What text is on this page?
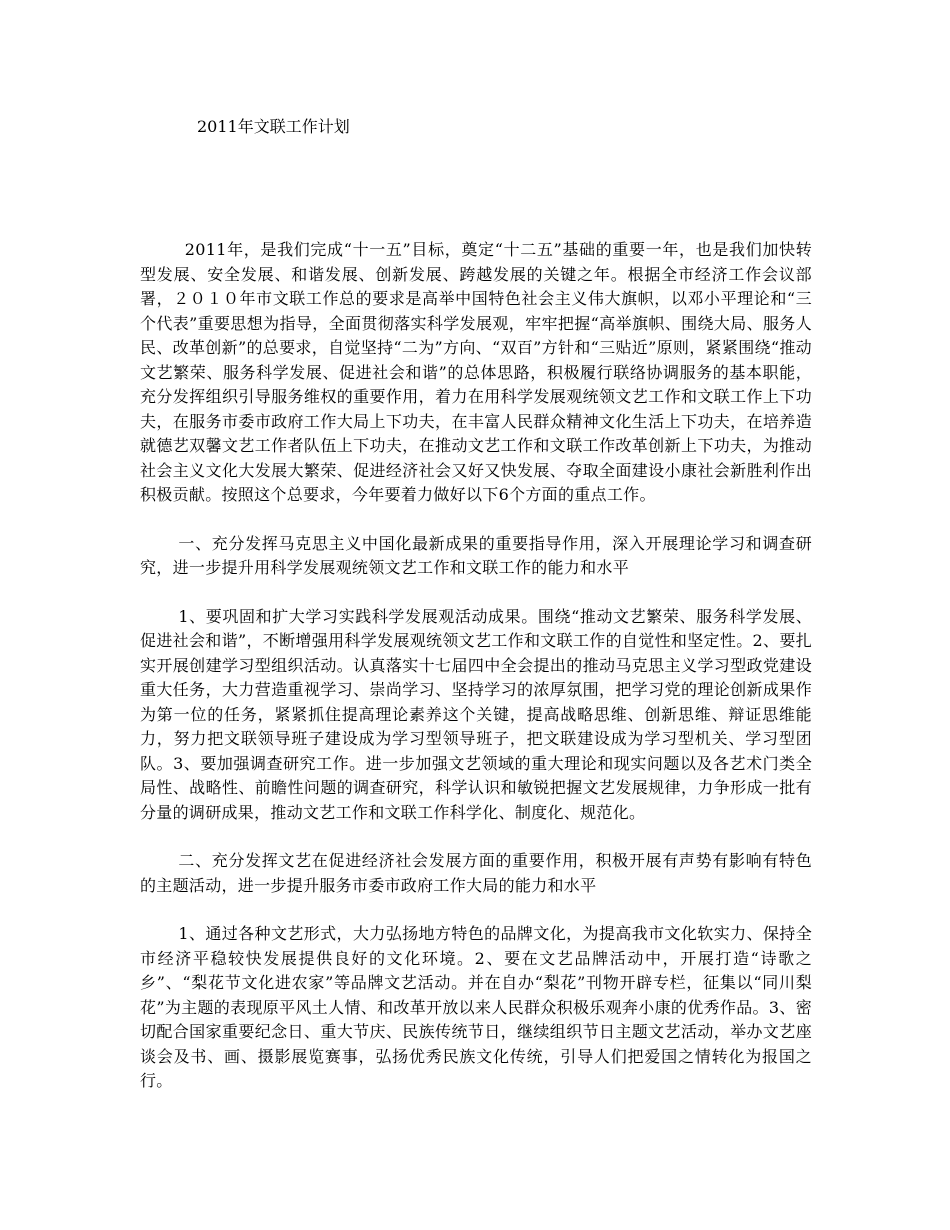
2011年文联工作计划

2011年，是我们完成“十一五”目标，奠定“十二五”基础的重要一年，也是我们加快转型发展、安全发展、和谐发展、创新发展、跨越发展的关键之年。根据全市经济工作会议部署，２０１０年市文联工作总的要求是高举中国特色社会主义伟大旗帜，以邓小平理论和“三个代表”重要思想为指导，全面贯彻落实科学发展观，牢牢把握“高举旗帜、围绕大局、服务人民、改革创新”的总要求，自觉坚持“二为”方向、“双百”方针和“三贴近”原则，紧紧围绕“推动文艺繁荣、服务科学发展、促进社会和谐”的总体思路，积极履行联络协调服务的基本职能，充分发挥组织引导服务维权的重要作用，着力在用科学发展观统领文艺工作和文联工作上下功夫，在服务市委市政府工作大局上下功夫，在丰富人民群众精神文化生活上下功夫，在培养造就德艺双馨文艺工作者队伍上下功夫，在推动文艺工作和文联工作改革创新上下功夫，为推动社会主义文化大发展大繁荣、促进经济社会又好又快发展、夺取全面建设小康社会新胜利作出积极贡献。按照这个总要求，今年要着力做好以下6个方面的重点工作。

一、充分发挥马克思主义中国化最新成果的重要指导作用，深入开展理论学习和调查研究，进一步提升用科学发展观统领文艺工作和文联工作的能力和水平

1、要巩固和扩大学习实践科学发展观活动成果。围绕“推动文艺繁荣、服务科学发展、促进社会和谐”，不断增强用科学发展观统领文艺工作和文联工作的自觉性和坚定性。2、要扎实开展创建学习型组织活动。认真落实十七届四中全会提出的推动马克思主义学习型政党建设重大任务，大力营造重视学习、崇尚学习、坚持学习的浓厚氛围，把学习党的理论创新成果作为第一位的任务，紧紧抓住提高理论素养这个关键，提高战略思维、创新思维、辩证思维能力，努力把文联领导班子建设成为学习型领导班子，把文联建设成为学习型机关、学习型团队。3、要加强调查研究工作。进一步加强文艺领域的重大理论和现实问题以及各艺术门类全局性、战略性、前瞻性问题的调查研究，科学认识和敏锐把握文艺发展规律，力争形成一批有分量的调研成果，推动文艺工作和文联工作科学化、制度化、规范化。

二、充分发挥文艺在促进经济社会发展方面的重要作用，积极开展有声势有影响有特色的主题活动，进一步提升服务市委市政府工作大局的能力和水平

1、通过各种文艺形式，大力弘扬地方特色的品牌文化，为提高我市文化软实力、保持全市经济平稳较快发展提供良好的文化环境。2、要在文艺品牌活动中，开展打造“诗歌之乡”、“梨花节文化进农家”等品牌文艺活动。并在自办“梨花”刊物开辟专栏，征集以“同川梨花”为主题的表现原平风土人情、和改革开放以来人民群众积极乐观奔小康的优秀作品。3、密切配合国家重要纪念日、重大节庆、民族传统节日，继续组织节日主题文艺活动，举办文艺座谈会及书、画、摄影展览赛事，弘扬优秀民族文化传统，引导人们把爱国之情转化为报国之行。
